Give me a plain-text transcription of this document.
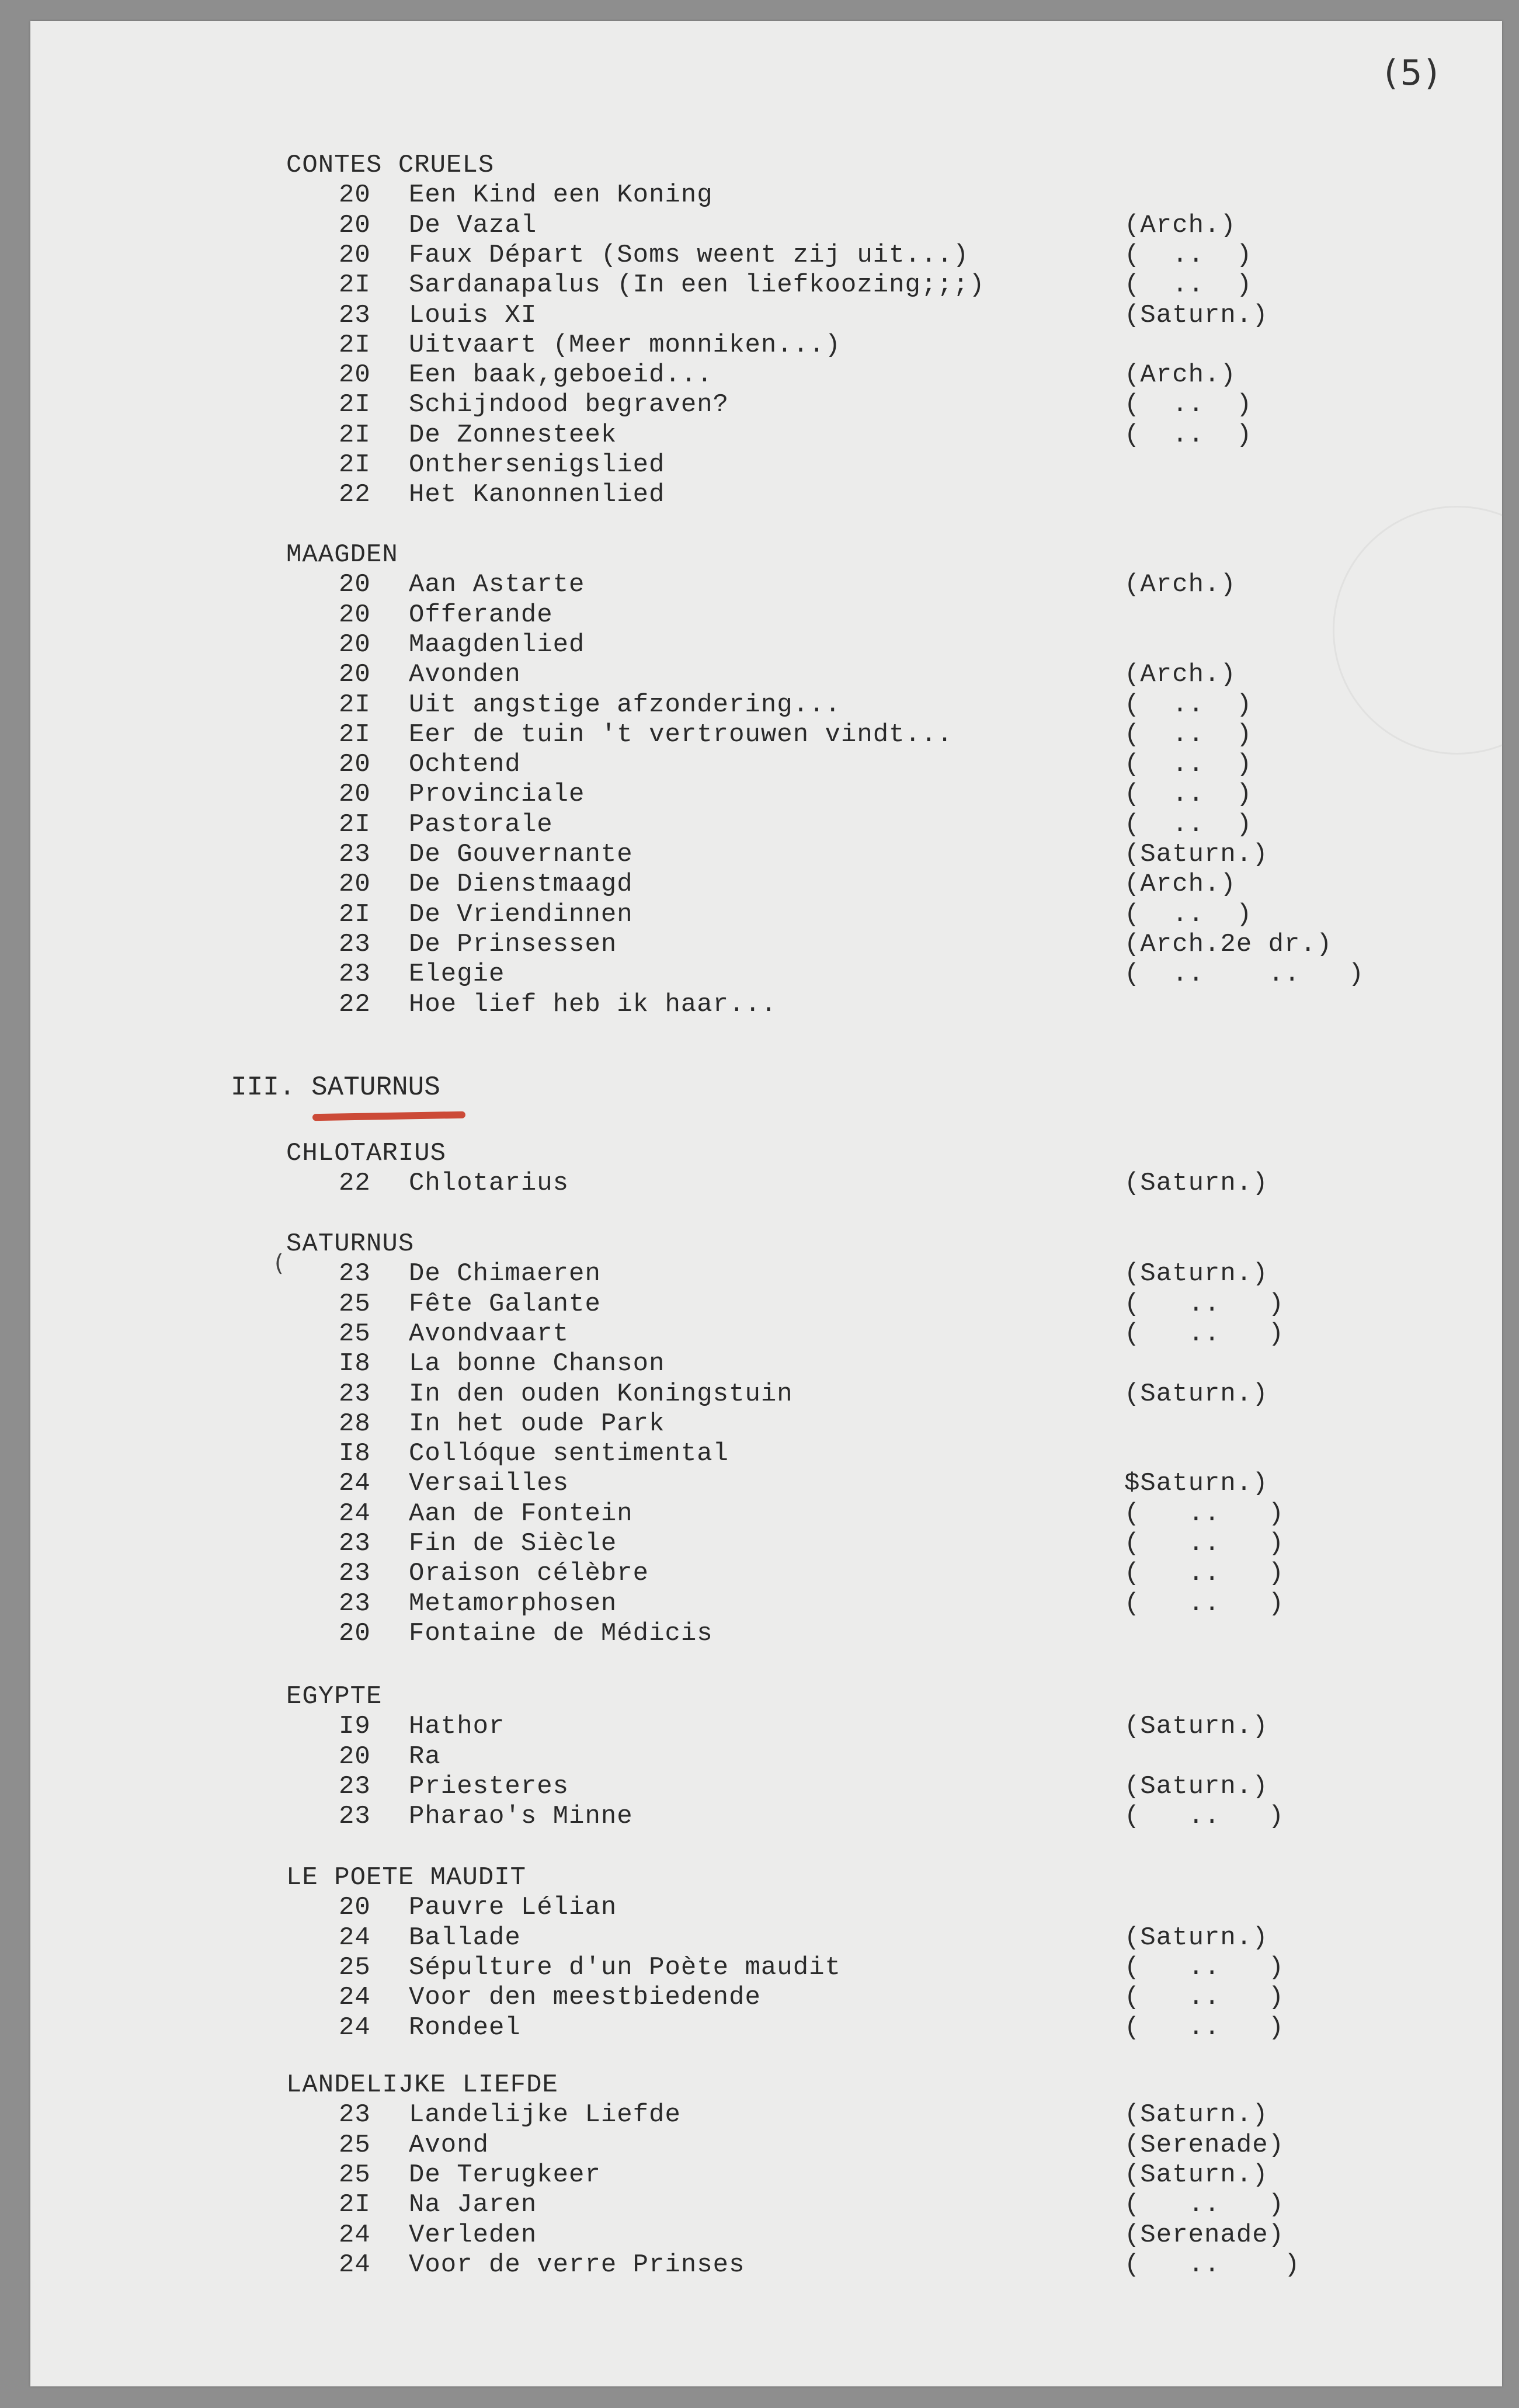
(5)
CONTES CRUELS
20	Een Kind een Koning
20	De Vazal	(Arch.)
20	Faux Départ (Soms weent zij uit...)	(  ..  )
2I	Sardanapalus (In een liefkoozing;;;)	(  ..  )
23	Louis XI	(Saturn.)
2I	Uitvaart (Meer monniken...)
20	Een baak,geboeid...	(Arch.)
2I	Schijndood begraven?	(  ..  )
2I	De Zonnesteek	(  ..  )
2I	Onthersenigslied
22	Het Kanonnenlied
MAAGDEN
20	Aan Astarte	(Arch.)
20	Offerande
20	Maagdenlied
20	Avonden	(Arch.)
2I	Uit angstige afzondering...	(  ..  )
2I	Eer de tuin 't vertrouwen vindt...	(  ..  )
20	Ochtend	(  ..  )
20	Provinciale	(  ..  )
2I	Pastorale	(  ..  )
23	De Gouvernante	(Saturn.)
20	De Dienstmaagd	(Arch.)
2I	De Vriendinnen	(  ..  )
23	De Prinsessen	(Arch.2e dr.)
23	Elegie	(  ..    ..   )
22	Hoe lief heb ik haar...
CHLOTARIUS
22	Chlotarius	(Saturn.)
SATURNUS
23	De Chimaeren	(Saturn.)
25	Fête Galante	(   ..   )
25	Avondvaart	(   ..   )
I8	La bonne Chanson
23	In den ouden Koningstuin	(Saturn.)
28	In het oude Park
I8	Collóque sentimental
24	Versailles	$Saturn.)
24	Aan de Fontein	(   ..   )
23	Fin de Siècle	(   ..   )
23	Oraison célèbre	(   ..   )
23	Metamorphosen	(   ..   )
20	Fontaine de Médicis
EGYPTE
I9	Hathor	(Saturn.)
20	Ra
23	Priesteres	(Saturn.)
23	Pharao's Minne	(   ..   )
LE POETE MAUDIT
20	Pauvre Lélian
24	Ballade	(Saturn.)
25	Sépulture d'un Poète maudit	(   ..   )
24	Voor den meestbiedende	(   ..   )
24	Rondeel	(   ..   )
LANDELIJKE LIEFDE
23	Landelijke Liefde	(Saturn.)
25	Avond	(Serenade)
25	De Terugkeer	(Saturn.)
2I	Na Jaren	(   ..   )
24	Verleden	(Serenade)
24	Voor de verre Prinses	(   ..    )
III. SATURNUS
(
